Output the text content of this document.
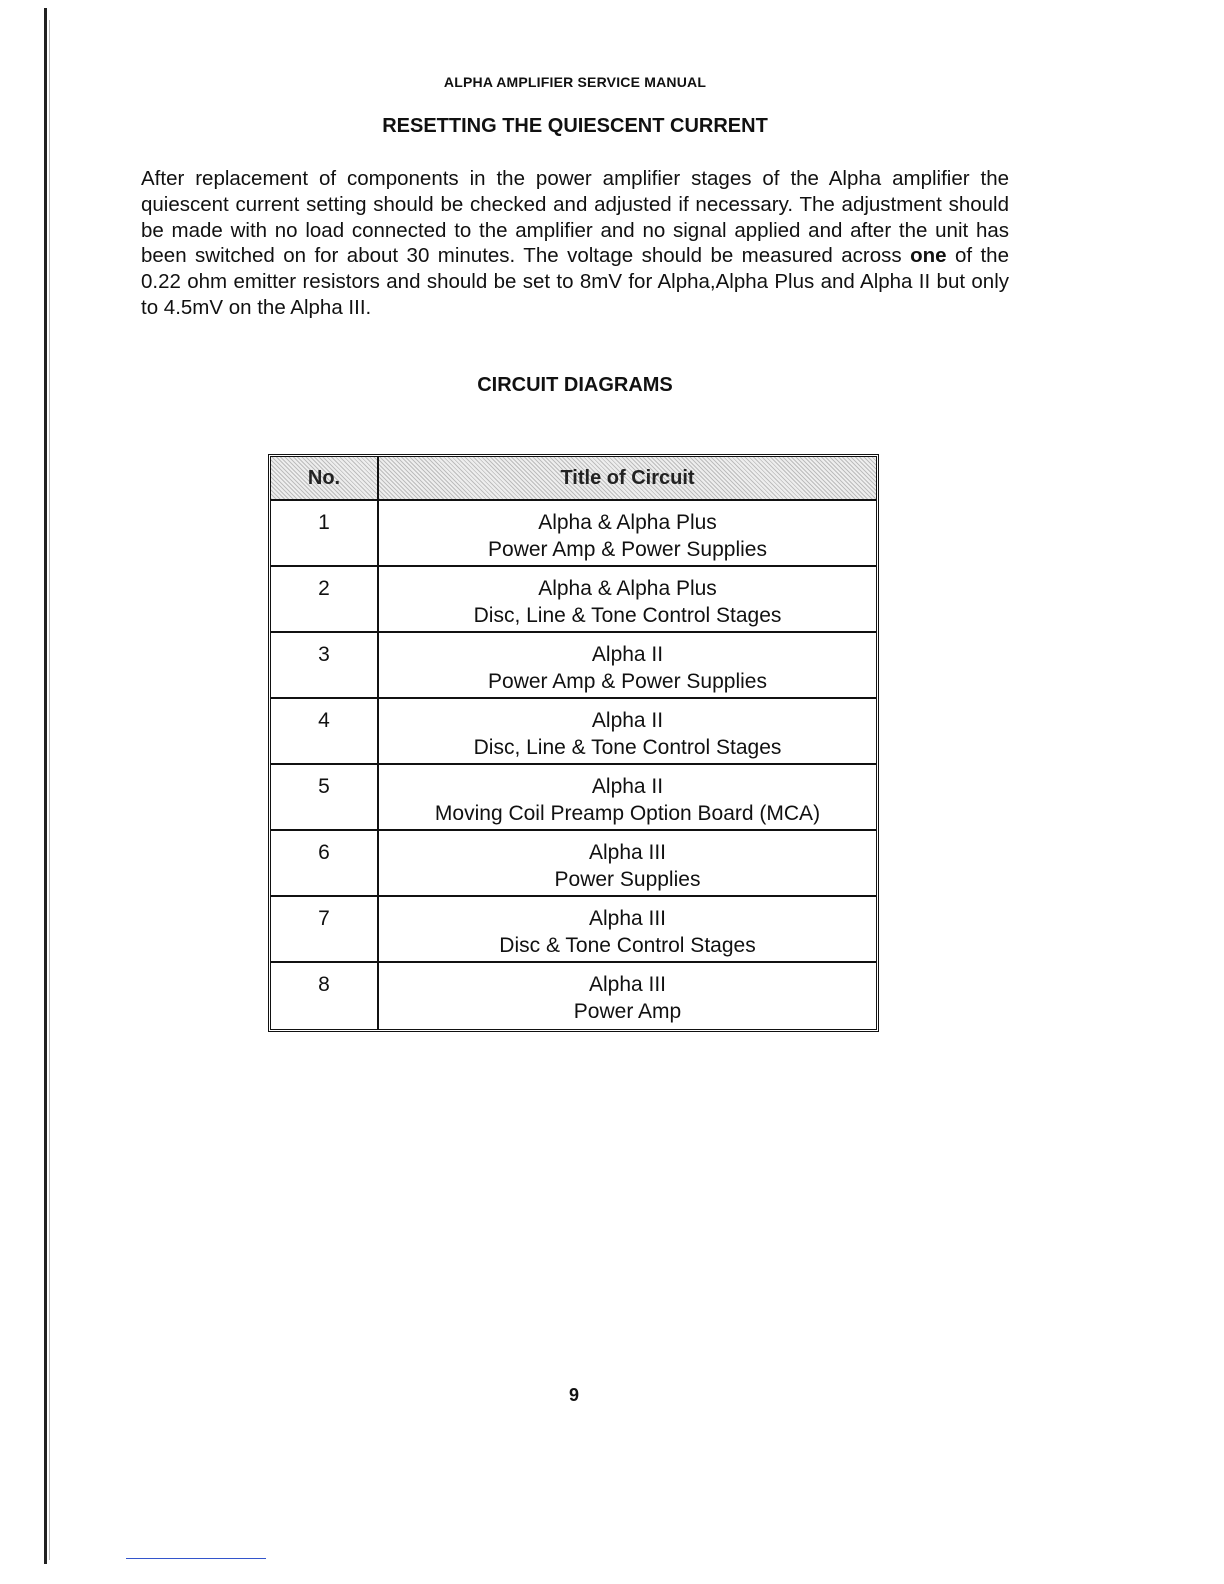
ALPHA AMPLIFIER SERVICE MANUAL
RESETTING THE QUIESCENT CURRENT

After replacement of components in the power amplifier stages of the Alpha amplifier the quiescent current setting should be checked and adjusted if necessary. The adjustment should be made with no load connected to the amplifier and no signal applied and after the unit has been switched on for about 30 minutes. The voltage should be measured across one of the 0.22 ohm emitter resistors and should be set to 8mV for Alpha,Alpha Plus and Alpha II but only to 4.5mV on the Alpha III.

CIRCUIT DIAGRAMS
No.	Title of Circuit
1	Alpha & Alpha Plus
Power Amp & Power Supplies

2	Alpha & Alpha Plus
Disc, Line & Tone Control Stages

3	Alpha II
Power Amp & Power Supplies

4	Alpha II
Disc, Line & Tone Control Stages

5	Alpha II
Moving Coil Preamp Option Board (MCA)

6	Alpha III
Power Supplies

7	Alpha III
Disc & Tone Control Stages

8	Alpha III
Power Amp
9
